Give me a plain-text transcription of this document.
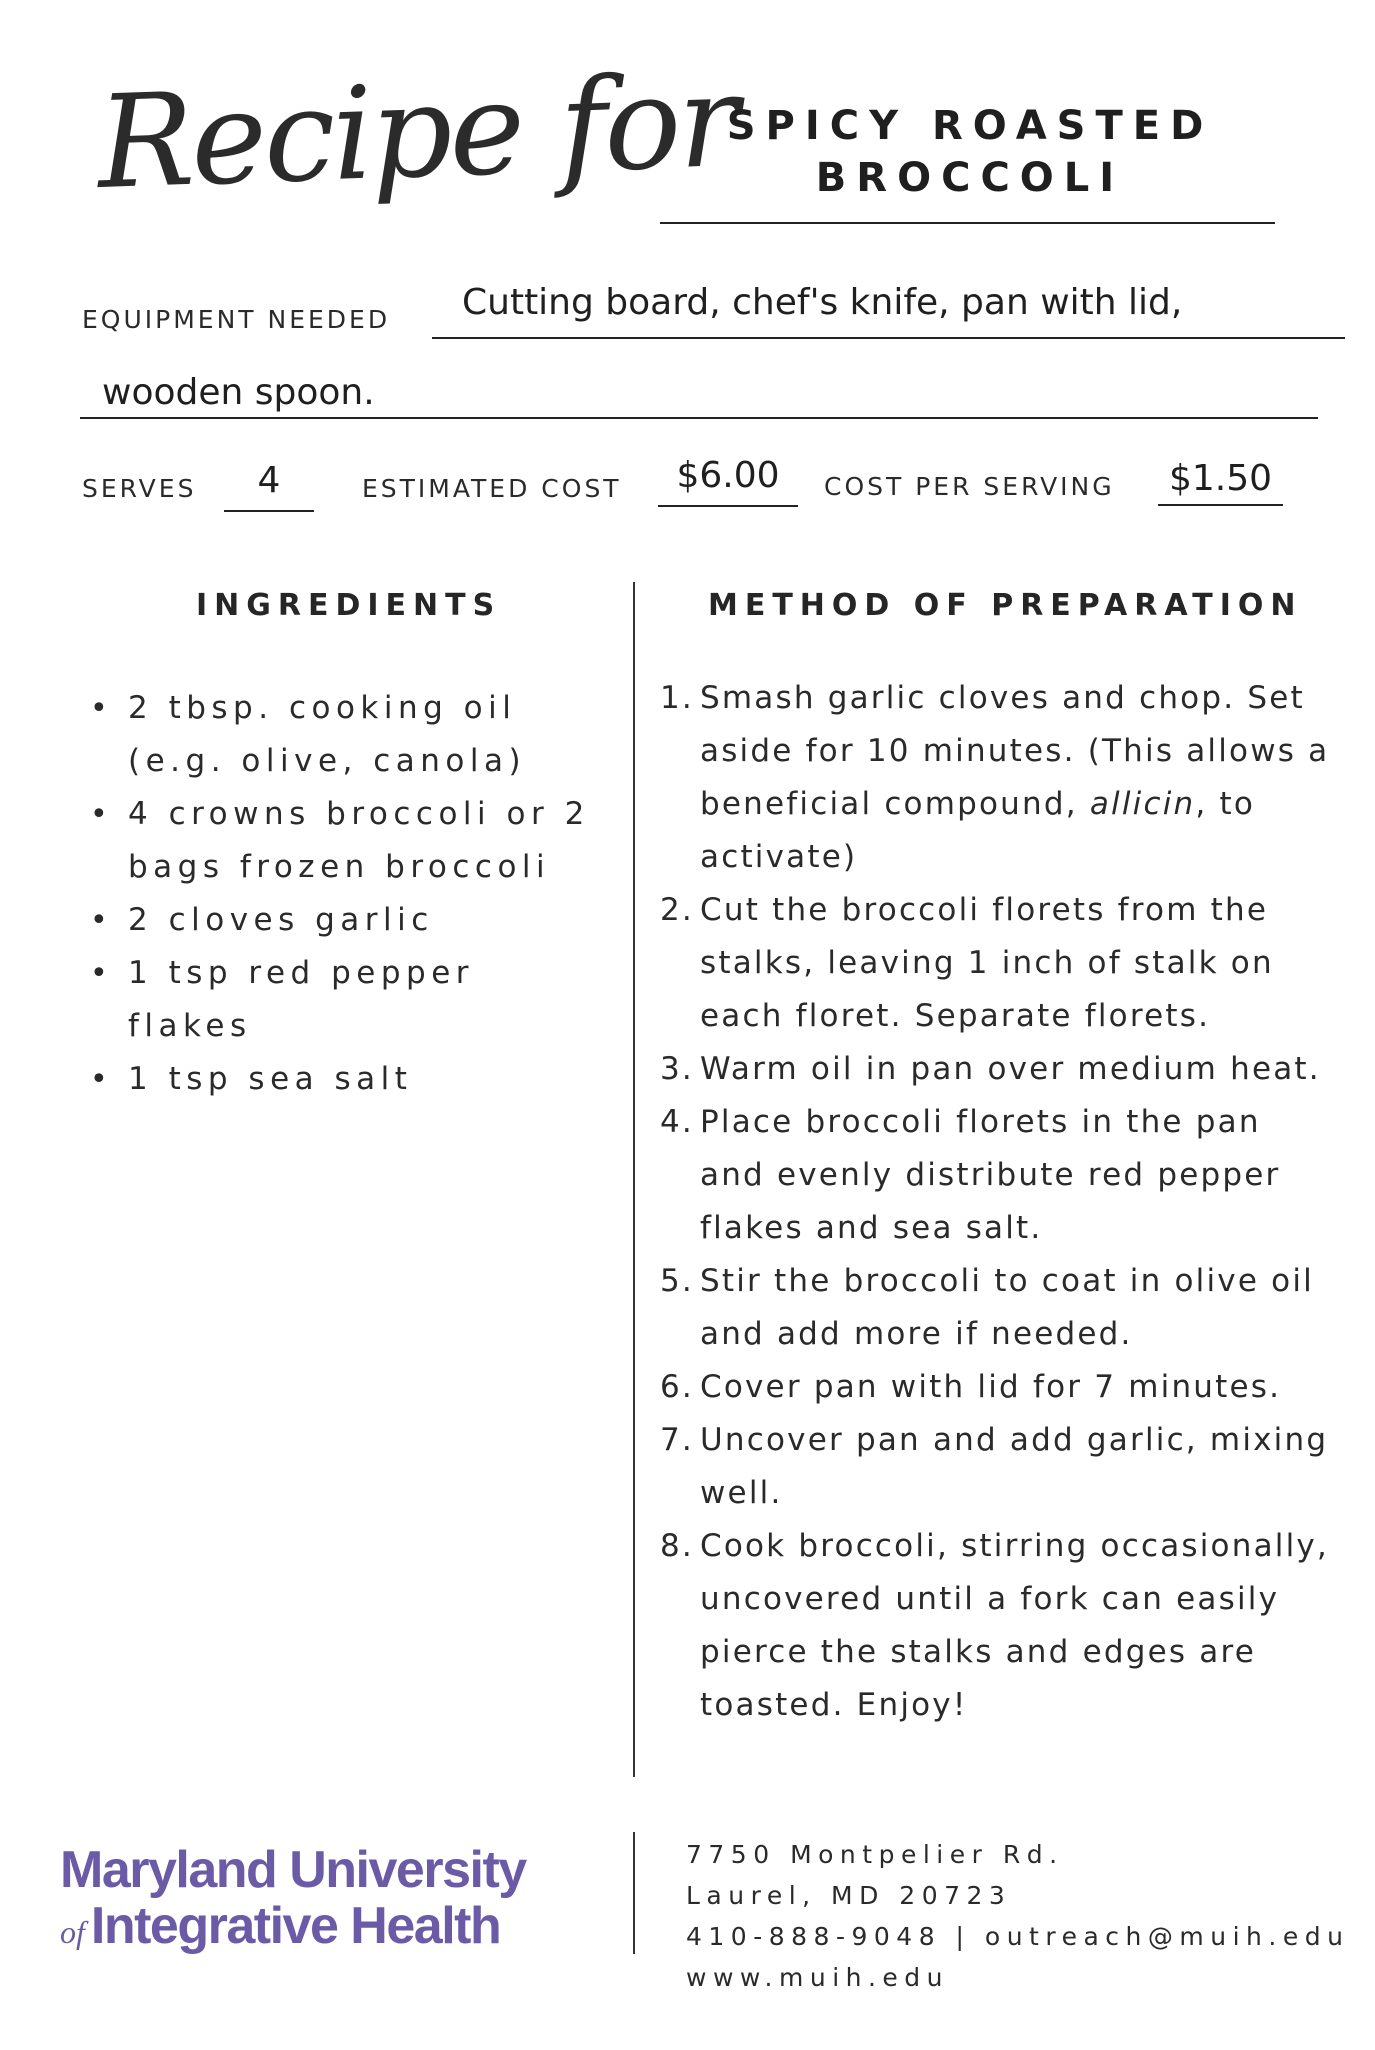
Recipe for
SPICY ROASTED
BROCCOLI
EQUIPMENT NEEDED Cutting board, chef's knife, pan with lid,
wooden spoon.
SERVES	4	ESTIMATED COST	$6.00	COST PER SERVING	$1.50
INGREDIENTS	METHOD OF PREPARATION
• 2 tbsp. cooking oil (e.g. olive, canola)
• 4 crowns broccoli or 2 bags frozen broccoli
• 2 cloves garlic
• 1 tsp red pepper flakes
• 1 tsp sea salt
1. Smash garlic cloves and chop. Set aside for 10 minutes. (This allows a beneficial compound, allicin, to activate)
2. Cut the broccoli florets from the stalks, leaving 1 inch of stalk on each floret. Separate florets.
3. Warm oil in pan over medium heat.
4. Place broccoli florets in the pan and evenly distribute red pepper flakes and sea salt.
5. Stir the broccoli to coat in olive oil and add more if needed.
6. Cover pan with lid for 7 minutes.
7. Uncover pan and add garlic, mixing well.
8. Cook broccoli, stirring occasionally, uncovered until a fork can easily pierce the stalks and edges are toasted. Enjoy!
Maryland University
of Integrative Health
7750 Montpelier Rd.
Laurel, MD 20723
410-888-9048 | outreach@muih.edu
www.muih.edu
